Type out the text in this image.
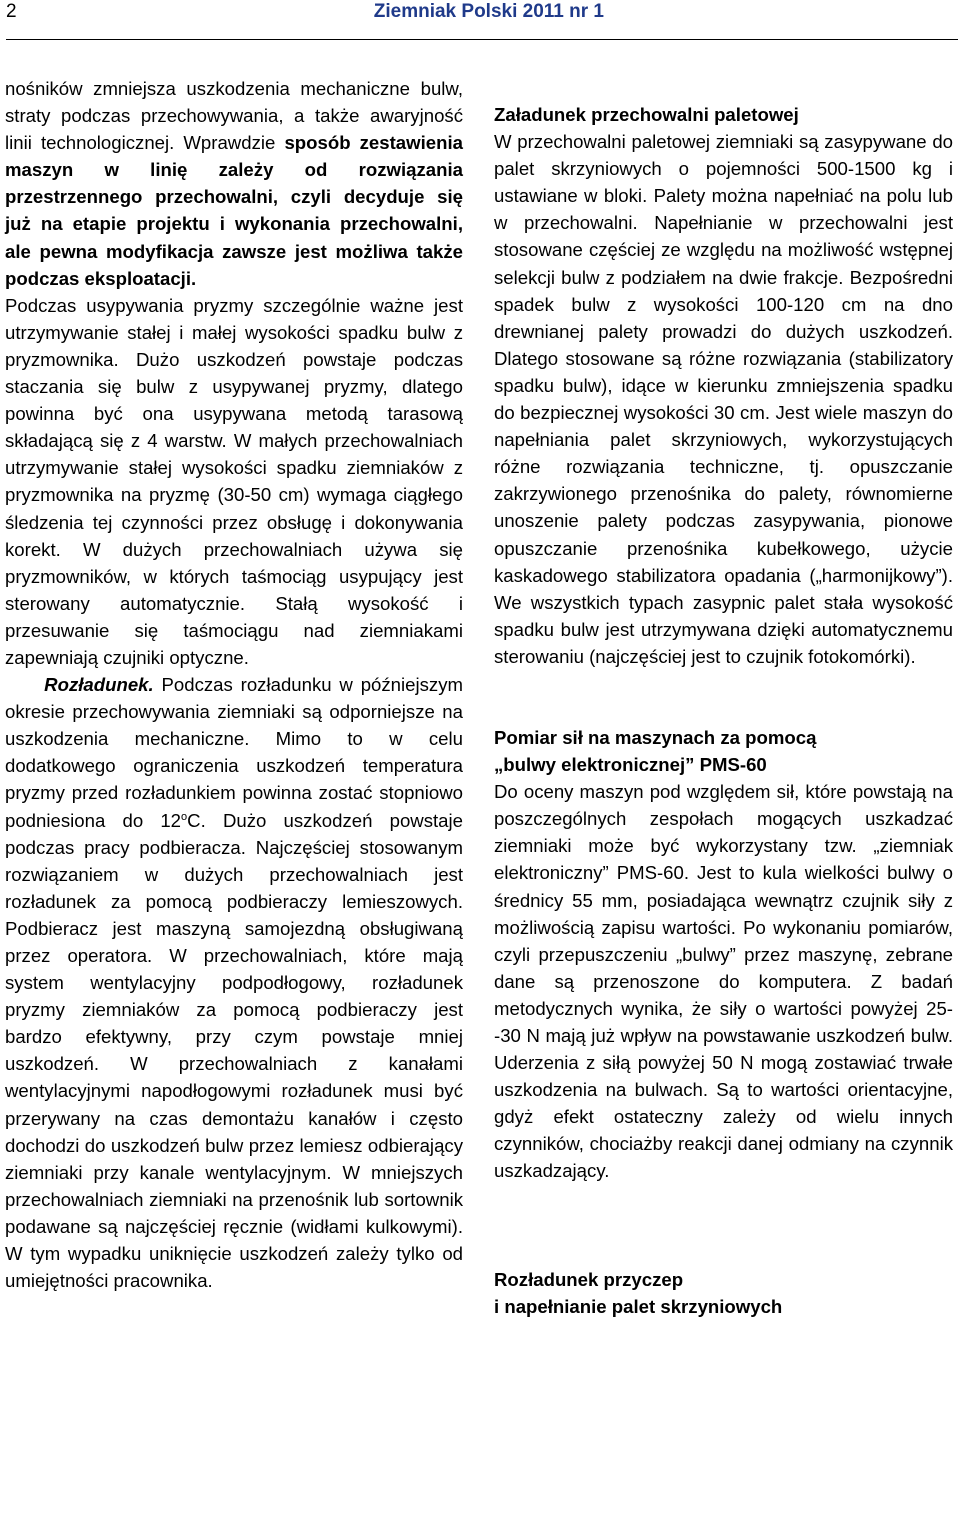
2	Ziemniak Polski 2011 nr 1

nośników zmniejsza uszkodzenia mechaniczne bulw, straty podczas przechowywania, a także awaryjność linii technologicznej. Wprawdzie sposób zestawienia maszyn w linię zależy od rozwiązania przestrzennego przechowalni, czyli decyduje się już na etapie projektu i wykonania przechowalni, ale pewna modyfikacja zawsze jest możliwa także podczas eksploatacji.

Podczas usypywania pryzmy szczególnie ważne jest utrzymywanie stałej i małej wysokości spadku bulw z pryzmownika. Dużo uszkodzeń powstaje podczas staczania się bulw z usypywanej pryzmy, dlatego powinna być ona usypywana metodą tarasową składającą się z 4 warstw. W małych przechowalniach utrzymywanie stałej wysokości spadku ziemniaków z pryzmownika na pryzmę (30-50 cm) wymaga ciągłego śledzenia tej czynności przez obsługę i dokonywania korekt. W dużych przechowalniach używa się pryzmowników, w których taśmociąg usypujący jest sterowany automatycznie. Stałą wysokość i przesuwanie się taśmociągu nad ziemniakami zapewniają czujniki optyczne.

Rozładunek. Podczas rozładunku w późniejszym okresie przechowywania ziemniaki są odporniejsze na uszkodzenia mechaniczne. Mimo to w celu dodatkowego ograniczenia uszkodzeń temperatura pryzmy przed rozładunkiem powinna zostać stopniowo podniesiona do 12$^o$C. Dużo uszkodzeń powstaje podczas pracy podbieracza. Najczęściej stosowanym rozwiązaniem w dużych przechowalniach jest rozładunek za pomocą podbieraczy lemieszowych. Podbieracz jest maszyną samojezdną obsługiwaną przez operatora. W przechowalniach, które mają system wentylacyjny podpodłogowy, rozładunek pryzmy ziemniaków za pomocą podbieraczy jest bardzo efektywny, przy czym powstaje mniej uszkodzeń. W przechowalniach z kanałami wentylacyjnymi napodłogowymi rozładunek musi być przerywany na czas demontażu kanałów i często dochodzi do uszkodzeń bulw przez lemiesz odbierający ziemniaki przy kanale wentylacyjnym. W mniejszych przechowalniach ziemniaki na przenośnik lub sortownik podawane są najczęściej ręcznie (widłami kulkowymi). W tym wypadku uniknięcie uszkodzeń zależy tylko od umiejętności pracownika.

Załadunek przechowalni paletowej

W przechowalni paletowej ziemniaki są zasypywane do palet skrzyniowych o pojemności 500-1500 kg i ustawiane w bloki. Palety można napełniać na polu lub w przechowalni. Napełnianie w przechowalni jest stosowane częściej ze względu na możliwość wstępnej selekcji bulw z podziałem na dwie frakcje. Bezpośredni spadek bulw z wysokości 100-120 cm na dno drewnianej palety prowadzi do dużych uszkodzeń. Dlatego stosowane są różne rozwiązania (stabilizatory spadku bulw), idące w kierunku zmniejszenia spadku do bezpiecznej wysokości 30 cm. Jest wiele maszyn do napełniania palet skrzyniowych, wykorzystujących różne rozwiązania techniczne, tj. opuszczanie zakrzywionego przenośnika do palety, równomierne unoszenie palety podczas zasypywania, pionowe opuszczanie przenośnika kubełkowego, użycie kaskadowego stabilizatora opadania („harmonijkowy”). We wszystkich typach zasypnic palet stała wysokość spadku bulw jest utrzymywana dzięki automatycznemu sterowaniu (najczęściej jest to czujnik fotokomórki).

Pomiar sił na maszynach za pomocą

„bulwy elektronicznej” PMS-60

Do oceny maszyn pod względem sił, które powstają na poszczególnych zespołach mogących uszkadzać ziemniaki może być wykorzystany tzw. „ziemniak elektroniczny” PMS-60. Jest to kula wielkości bulwy o średnicy 55 mm, posiadająca wewnątrz czujnik siły z możliwością zapisu wartości. Po wykonaniu pomiarów, czyli przepuszczeniu „bulwy” przez maszynę, zebrane dane są przenoszone do komputera. Z badań metodycznych wynika, że siły o wartości powyżej 25--30 N mają już wpływ na powstawanie uszkodzeń bulw. Uderzenia z siłą powyżej 50 N mogą zostawiać trwałe uszkodzenia na bulwach. Są to wartości orientacyjne, gdyż efekt ostateczny zależy od wielu innych czynników, chociażby reakcji danej odmiany na czynnik uszkadzający.

Rozładunek przyczep

i napełnianie palet skrzyniowych
